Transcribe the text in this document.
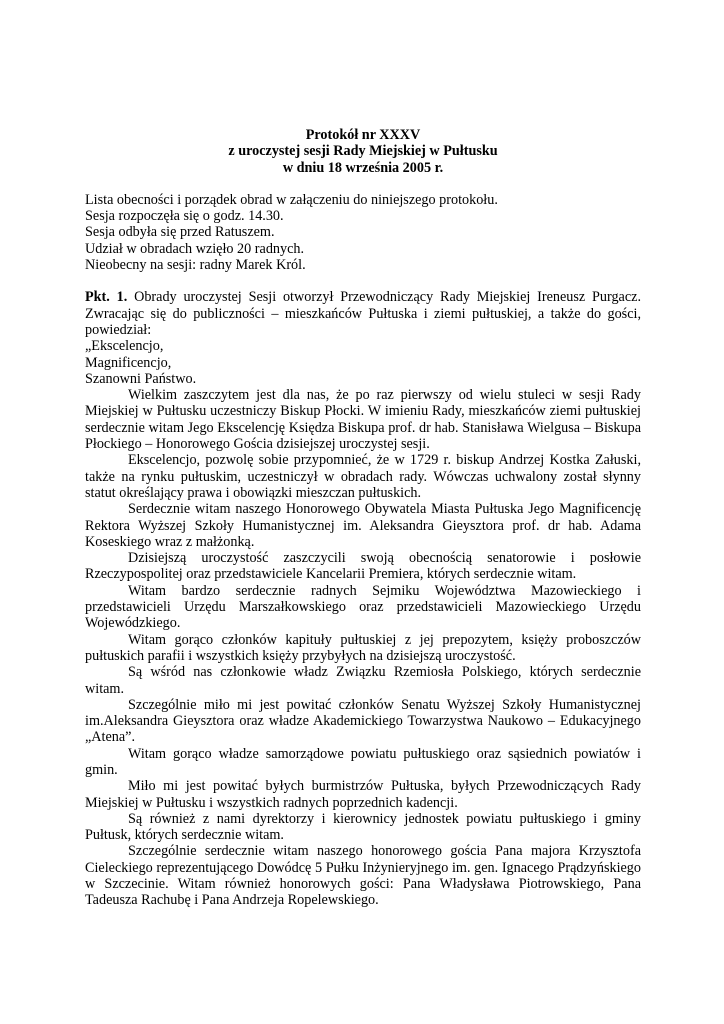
Protokół nr XXXV
z uroczystej sesji Rady Miejskiej w Pułtusku
w dniu 18 września 2005 r.
Lista obecności i porządek obrad w załączeniu do niniejszego protokołu.
Sesja rozpoczęła się o godz. 14.30.
Sesja odbyła się przed Ratuszem.
Udział w obradach wzięło 20 radnych.
Nieobecny na sesji: radny Marek Król.

Pkt. 1. Obrady uroczystej Sesji otworzył Przewodniczący Rady Miejskiej Ireneusz Purgacz. Zwracając się do publiczności – mieszkańców Pułtuska i ziemi pułtuskiej, a także do gości, powiedział:

„Ekscelencjo,
Magnificencjo,
Szanowni Państwo.

Wielkim zaszczytem jest dla nas, że po raz pierwszy od wielu stuleci w sesji Rady Miejskiej w Pułtusku uczestniczy Biskup Płocki. W imieniu Rady, mieszkańców ziemi pułtuskiej serdecznie witam Jego Ekscelencję Księdza Biskupa prof. dr hab. Stanisława Wielgusa – Biskupa Płockiego – Honorowego Gościa dzisiejszej uroczystej sesji.

Ekscelencjo, pozwolę sobie przypomnieć, że w 1729 r. biskup Andrzej Kostka Załuski, także na rynku pułtuskim, uczestniczył w obradach rady. Wówczas uchwalony został słynny statut określający prawa i obowiązki mieszczan pułtuskich.

Serdecznie witam naszego Honorowego Obywatela Miasta Pułtuska Jego Magnificencję Rektora Wyższej Szkoły Humanistycznej im. Aleksandra Gieysztora prof. dr hab. Adama Koseskiego wraz z małżonką.

Dzisiejszą uroczystość zaszczycili swoją obecnością senatorowie i posłowie Rzeczypospolitej oraz przedstawiciele Kancelarii Premiera, których serdecznie witam.

Witam bardzo serdecznie radnych Sejmiku Województwa Mazowieckiego i przedstawicieli Urzędu Marszałkowskiego oraz przedstawicieli Mazowieckiego Urzędu Wojewódzkiego.

Witam gorąco członków kapituły pułtuskiej z jej prepozytem, księży proboszczów pułtuskich parafii i wszystkich księży przybyłych na dzisiejszą uroczystość.

Są wśród nas członkowie władz Związku Rzemiosła Polskiego, których serdecznie witam.

Szczególnie miło mi jest powitać członków Senatu Wyższej Szkoły Humanistycznej im.Aleksandra Gieysztora oraz władze Akademickiego Towarzystwa Naukowo – Edukacyjnego „Atena”.

Witam gorąco władze samorządowe powiatu pułtuskiego oraz sąsiednich powiatów i gmin.

Miło mi jest powitać byłych burmistrzów Pułtuska, byłych Przewodniczących Rady Miejskiej w Pułtusku i wszystkich radnych poprzednich kadencji.

Są również z nami dyrektorzy i kierownicy jednostek powiatu pułtuskiego i gminy Pułtusk, których serdecznie witam.

Szczególnie serdecznie witam naszego honorowego gościa Pana majora Krzysztofa Cieleckiego reprezentującego Dowódcę 5 Pułku Inżynieryjnego im. gen. Ignacego Prądzyńskiego w Szczecinie. Witam również honorowych gości: Pana Władysława Piotrowskiego, Pana Tadeusza Rachubę i Pana Andrzeja Ropelewskiego.
